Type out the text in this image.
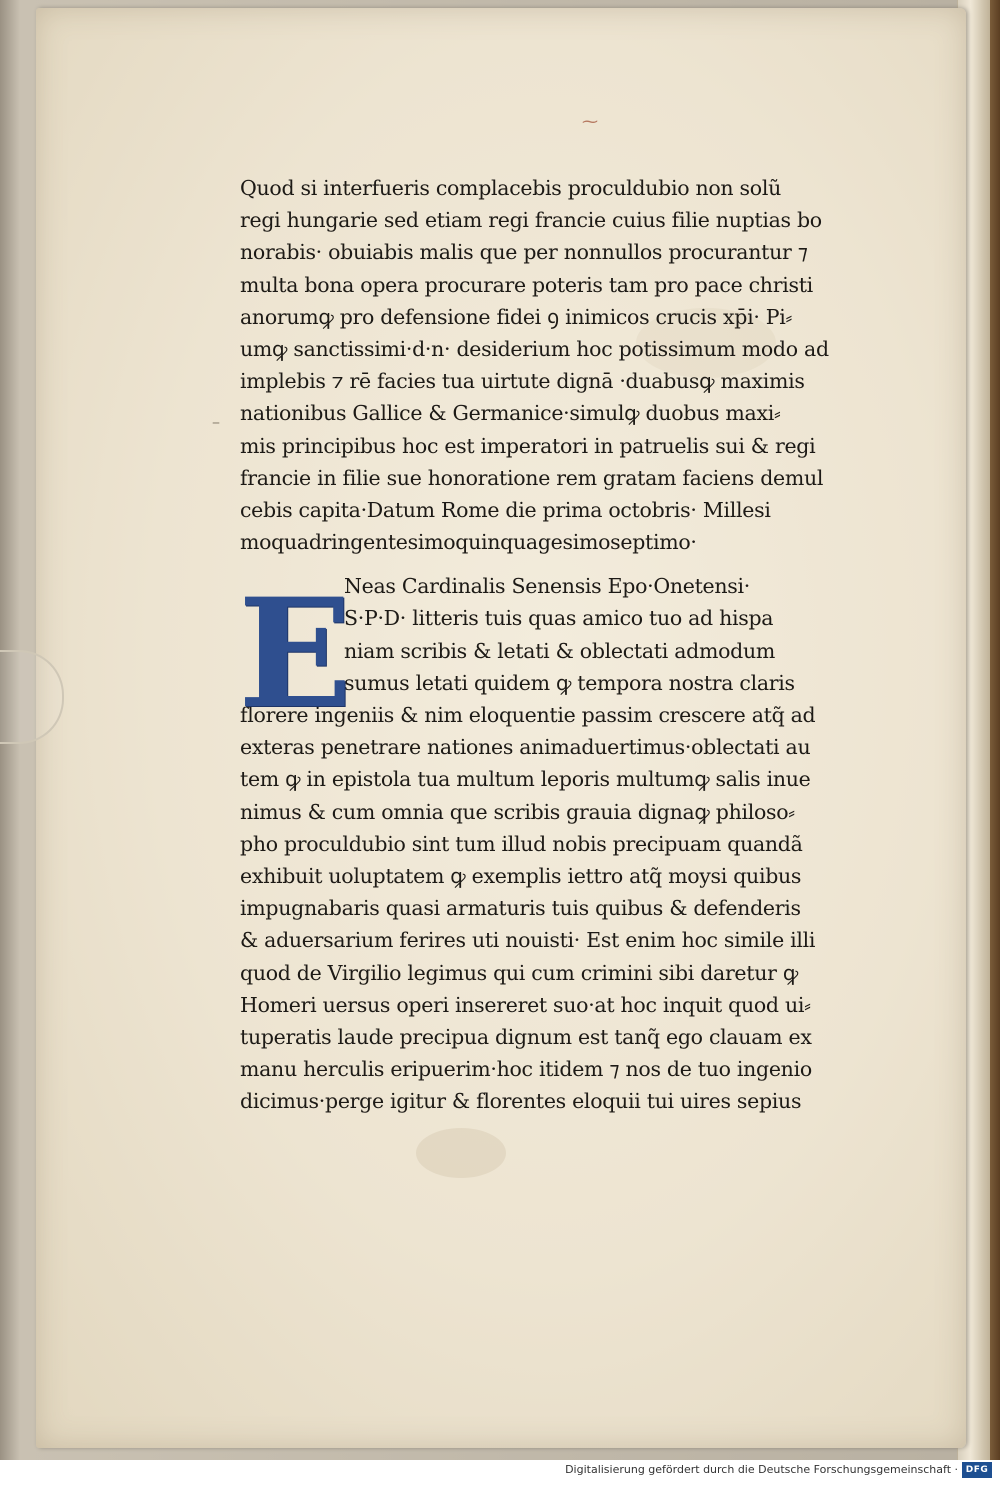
⁓
–
Quod si interfueris complacebis proculdubio non solũ
regi hungarie sed etiam regi francie cuius filie nuptias bo
norabis· obuiabis malis que per nonnullos procurantur ⁊
multa bona opera procurare poteris tam pro pace christi
anorumꝙ pro defensione fidei ꝯ inimicos crucis xp̄i· Pi⸗
umꝙ sanctissimi·d·n· desiderium hoc potissimum modo ad
implebis ⁊ rē facies tua uirtute dignā ·duabusꝙ maximis
nationibus Gallice & Germanice·simulꝙ duobus maxi⸗
mis principibus hoc est imperatori in patruelis sui & regi
francie in filie sue honoratione rem gratam faciens demul
cebis capita·Datum Rome die prima octobris· Millesi
moquadringentesimoquinquagesimoseptimo·
Neas Cardinalis Senensis Epo·Onetensi·
S·P·D· litteris tuis quas amico tuo ad hispa
niam scribis & letati & oblectati admodum
sumus letati quidem ꝙ tempora nostra claris
florere ingeniis & nim eloquentie passim crescere atq̃ ad
exteras penetrare nationes animaduertimus·oblectati au
tem ꝙ in epistola tua multum leporis multumꝙ salis inue
nimus & cum omnia que scribis grauia dignaꝙ philoso⸗
pho proculdubio sint tum illud nobis precipuam quandã
exhibuit uoluptatem ꝙ exemplis iettro atq̃ moysi quibus
impugnabaris quasi armaturis tuis quibus & defenderis
& aduersarium ferires uti nouisti· Est enim hoc simile illi
quod de Virgilio legimus qui cum crimini sibi daretur ꝙ
Homeri uersus operi insereret suo·at hoc inquit quod ui⸗
tuperatis laude precipua dignum est tanq̃ ego clauam ex
manu herculis eripuerim·hoc itidem ⁊ nos de tuo ingenio
dicimus·perge igitur & florentes eloquii tui uires sepius
E
Digitalisierung gefördert durch die Deutsche Forschungsgemeinschaft · DFG
